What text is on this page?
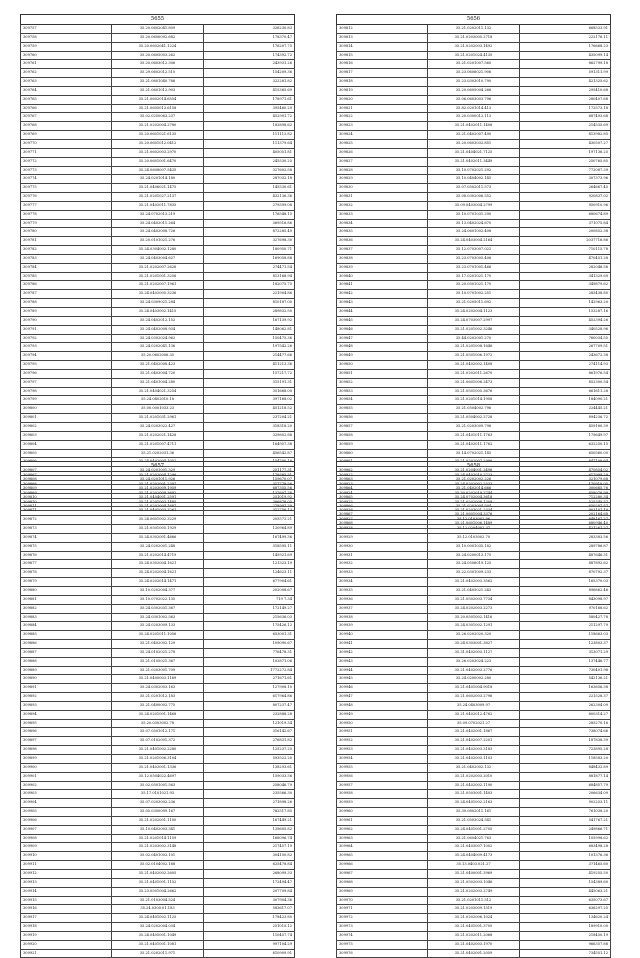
5655		
309757	35.20.0602041.809	326230.83
309758	35.20.0600092.682	178370.47
309759	35.20.0602041.1224	176207.75
309760	35.20.0605003.262	174392.72
309761	35.20.0603012.306	243931.26
309762	35.29.0602012.510	154209.36
309763	35.21.0601040.786	322281.82
309764	35.21.0601012.903	415365.69
309765	35.21.0602014.6554	178971.61
309766	35.21.0605013.6158	395460.29
309767	35.02.0250063.237	452901.72
309768	35.21.0202004.2780	182898.62
309769	35.20.0601021.6135	111112.82
309770	35.20.0601012.0412	111379.64
309771	35.21.0602003.2970	405051.81
309772	35.20.0601001.6470	245530.25
309773	35.24.0608007.5435	327602.58
309774	35.24.0201014.180	287032.18
309775	35.21.0406021.1475	145530.61
309776	35.21.0201027.2137	432136.36
309777	35.21.0402011.7835	279399.08
309778	35.24.0702013.219	176548.15
309779	35.24.0402011.264	369516.86
309780	35.24.0402008.726	872285.49
309781	35.20.0101021.276	327698.30
309782	35.24.0304002.1280	180950.71
309783	35.24.0403004.627	169058.88
309784	35.21.0202007.2626	274471.54
309785	35.21.0201001.3256	813168.94
309786	35.21.0202007.1961	182075.75
309787	35.24.0402005.3236	221904.86
309788	35.24.0309021.284	810187.00
309789	35.24.0403002.1415	289832.50
309790	35.24.0402012.152	167139.92
309791	35.24.0402008.934	148062.81
309792	35.24.0302024.962	150475.36
309793	35.24.0202041.136	197542.26
309794	35.20.0602006.35	214477.66
309795	35.21.0402008.423	411213.36
309796	35.21.0403004.720	157217.72
309797	35.21.0401004.280	315191.31
309798	35.21.0404021.3254	351668.00
309799	35.24.0402010.18	397168.02
309800	35.00.0001033.23	451218.52
309801	35.21.0201031.2961	237204.21
309802	35.24.0203022.427	318318.20
309803	35.21.0202021.1428	329802.88
309804	35.21.0201007.4711	164957.38
309805	35.21.0202031.36	456542.87
309806	35.24.0402004.1052	154700.16
309807	35.24.0201001.329	251177.31
309808	35.24.0201011.926	159670.07
309809	35.21.0203009.1959	687355.56
309810	35.21.0404001.2591	251019.92
309811	35.21.0202004.1687	278997.39
5656		
309812	35.21.0202011.132	668533.91
309813	35.21.0203005.2718	222176.11
309814	35.21.0202003.1492	176668.23
309815	35.21.0201024.4135	435099.14
309816	35.21.0201007.560	862799.18
309817	35.23.0606021.906	591311.99
309818	35.23.0303010.790	421325.62
309819	35.20.0605004.266	295410.68
309820	35.06.0603003.796	280407.68
309821	35.82.0201014.413	172573.18
309822	35.20.0300012.113	687493.68
309823	35.21.0402011.1408	214535.69
309824	35.21.0402007.490	813982.85
309825	35.20.0603032.851	430507.27
309826	35.21.0404021.7125	197136.25
309827	35.21.0402011.3449	250765.85
309828	35.10.0702021.292	772087.39
309829	35.10.0404002.145	307373.96
309830	35.07.0502011.573	264667.45
309831	35.08.0302006.552	920837.02
309832	35.09.0403004.2799	950910.96
309833	35.10.0701031.290	680674.89
309834	35.13.0402024.670	371075.84
309835	35.24.0601002.408	200852.38
309836	35.24.0403004.2164	2037716.86
309837	35.12.0703007.022	710115.78
309838	35.23.0703005.406	470451.28
309839	35.23.0701001.466	282046.56
309840	35.17.0201021.170	341329.69
309841	35.20.0501021.170	349879.62
309842	35.10.0701002.251	285438.80
309843	35.21.0205011.692	142963.20
309844	35.24.0202004.1123	153287.16
309845	35.24.0703007.2997	452394.26
309846	35.21.0201002.3246	340528.96
309847	35.44.0202001.270	760034.55
309848	35.21.0201008.1646	267709.51
309849	35.21.0501006.1972	243672.38
309850	35.21.0402002.1408	274114.93
309851	35.21.0202011.2670	861976.54
309852	35.21.0601006.2473	852300.54
309853	35.21.0501005.3676	661611.28
309854	35.21.0201014.1958	184090.21
309855	35.21.0504002.796	224445.21
309856	35.21.0504002.2728	894236.72
309857	35.21.0203009.796	459160.39
309858	35.21.0401011.1763	179649.97
309859	35.21.0402011.1762	632250.15
309860	35.14.0702021.145	650560.00
309861	35.21.0202007.2996	847108.64
309862	35.21.0204001.2496	470854.02
309863	35.21.0202002.226	321079.68
309864	35.21.0402014.666	300665.76
309865	35.24.0702004.3618	712280.34
309866	35.21.0203004.504	650287.57
309867	35.21.0601004.3376	202164.68
309868	35.21.0601006.1489	680946.40
5657		
309867	35.21.0202004.1296	178585.51
309868	35.21.0202001.2397	317778.56
309869	35.21.0202009.3692	137607.38
309870	35.21.0201003.1485	386878.05
309871	35.21.0401003.3261	312756.13
309872	35.24.0601002.3229	205572.21
309873	35.21.0501005.1929	120964.89
309874	35.24.0302001.4666	167499.36
309875	35.24.0202001.248	318595.11
309876	35.21.0202014.4719	145921.69
309877	35.24.0302004.1621	121323.19
309878	35.24.0202004.1621	124623.11
309879	35.24.0202014.1471	677904.61
309880	35.10.0202004.377	202008.67
309881	35.10.0702022.135	719 7.34
309882	35.24.0302031.367	172149.27
309883	35.24.0301002.563	215636.03
309884	35.24.0203009.133	175426.12
309885	35.24.0201011.1056	653001.31
309886	35.21.0402002.129	109090.67
309887	35.24.0102021.278	776478.31
309888	35.21.0105021.367	102871.06
309889	35.21.0203001.709	1772272.84
309890	35.21.0400003.1169	271671.61
309891	35.24.0302003.163	127908.10
309892	35.21.0201012.183	617964.86
309893	35.21.0400002.775	807237.47
309894	35.24.0201001.1468	232888.28
309895	35.20.0303002.78	121019.34
309896	35.07.0501012.171	316142.67
309897	35.07.0102001.372	276831.82
309898	35.21.0401002.2280	125237.25
309899	35.21.0201006.3104	593522.20
309900	35.21.0402001.1336	138293.61
309901	35.12.0504022.4697	159033.56
309902	35.02.0501001.563	258046.79
309903	35.17.0101021.93	235566.30
309904	35.07.0203002.236	271898.26
309905	35.05.0300099.167	782517.85
309906	35.21.0202001.1100	167449.21
309907	35.10.0402003.341	139605.82
309908	35.21.0201014.1159	168096.74
309909	35.21.0203002.3148	217457.19
309910	35.02.0401002.101	304150.82
309911	35.02.0104002.168	625478.84
309912	35.21.0402002.2605	268099.33
309913	35.21.0401001.1152	172494.47
309914	35.23.0501004.2662	207709.84
309915	35.21.0103004.524	307904.36
309916	35.24.0300.01.183	583617.07
309917	35.24.0401002.1125	178423.80
309918	35.24.0202004.034	251015.12
309919	35.24.0405001.1049	110457.74
309920	35.21.0401001.1081	997104.29
309921	35.21.0202011.971	610909.91
5658		
309922	35.24.0402010.2723	617999.29
309923	35.24.0202002.2533	170918.05
309924	35.30.0202019.2744	858076.99
309925	35.21.0202008.1309	525345.57
309926	35.21.0203021.2334	903101.10
309927	35.12.0103002.96	848167.27
309928	35.12.0204002.37	421261.27
309929	35.12.0103002.70	283383.56
309930	35.10.0001035.182	289786.87
309931	35.24.0200013.175	487646.31
309932	35.24.0506019.125	887892.62
309933	35.22.0301009.233	870792.37
309934	35.21.0402003.3562	165370.03
309935	35.21.0405021.243	896862.46
309936	35.21.0502003.7734	843098.97
309937	35.24.0202003.2273	970168.62
309938	35.20.0501002.1416	580427.78
309939	35.24.0301002.1291	211297.79
309940	35.26.0202020.320	118663.03
309941	35.24.0303001.3827	123803.37
309942	35.31.0402003.1127	313071.29
309943	35.26.0203024.223	137446.77
309944	35.21.0402003.2776	730401.98
309945	35.24.0200002.280	542136.21
309946	35.21.0401004.9018	163656.38
309947	35.21.0602003.2796	221528.37
309948	35.24.0403009.97	262304.09
309949	35.21.0402012.4762	800314.27
309950	35.09.0702021.27	285270.16
309951	35.21.0402001.1867	738074.66
309952	35.21.0402007.2201	187838.39
309953	35.21.0402003.3183	723895.28
309954	35.21.0402003.1103	118583.20
309955	35.21.0402002.132	848432.89
309956	35.21.0202003.2010	881877.14
309957	35.21.0402002.1190	684857.79
309958	35.21.0503001.1403	206634.09
309959	35.24.0401002.2163	902253.11
309960	35.30.0802011.161	761038.20
309961	35.21.0503024.541	541767.21
309962	35.24.0401001.2705	249866.71
309963	35.21.0604021.763	105998.62
309964	35.21.0403007.1002	683498.28
309965	35.24.0404009.4173	101376.36
309966	35.13.0403.021.27	371465.60
309967	35.21.0400001.3969	419255.50
309968	35.21.0502003.1046	154389.60
309969	35.21.0202003.2749	445063.21
309970	35.21.0201011.512	635073.67
309971	35.21.0203009.1519	636297.25
309972	35.21.0202006.1024	134620.24
309973	35.21.0401001.3705	189910.00
309974	35.21.0202011.2068	218450.19
309975	35.21.0402003.1970	966357.88
309976	35.21.0402001.2059	734551.12
